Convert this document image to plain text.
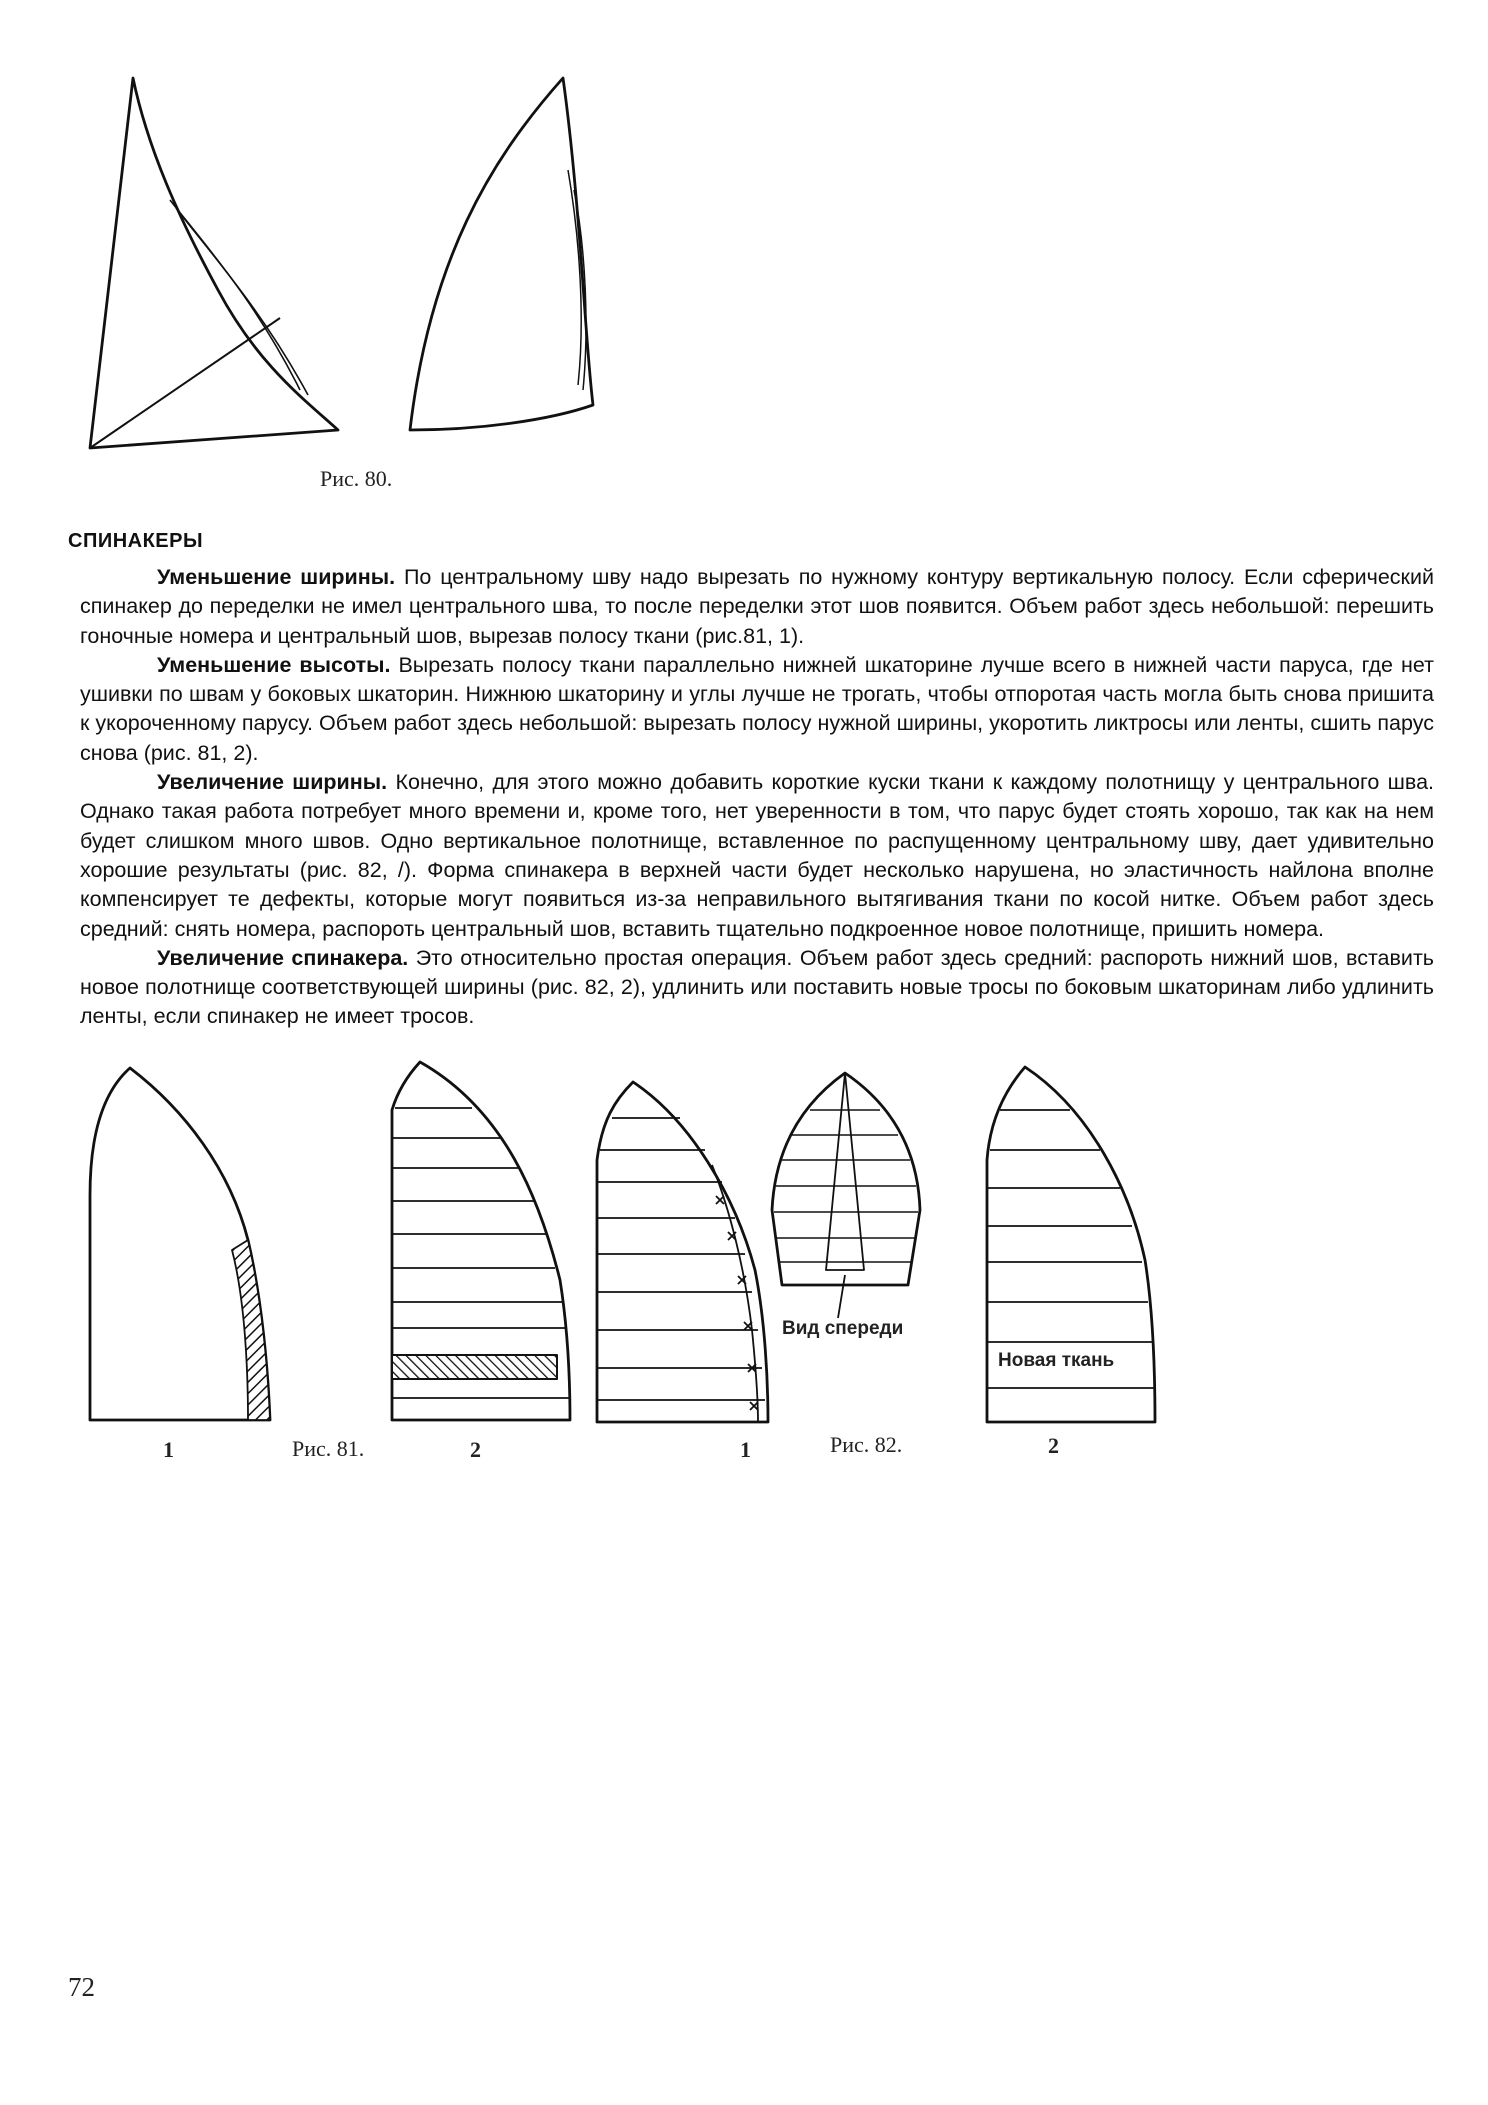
Рис. 80.
СПИНАКЕРЫ

Уменьшение ширины. По центральному шву надо вырезать по нужному контуру вертикальную полосу. Если сферический спинакер до переделки не имел центрального шва, то после переделки этот шов появится. Объем работ здесь небольшой: перешить гоночные номера и центральный шов, вырезав полосу ткани (рис.81, 1).

Уменьшение высоты. Вырезать полосу ткани параллельно нижней шкаторине лучше всего в нижней части паруса, где нет ушивки по швам у боковых шкаторин. Нижнюю шкаторину и углы лучше не трогать, чтобы отпоротая часть могла быть снова пришита к укороченному парусу. Объем работ здесь небольшой: вырезать полосу нужной ширины, укоротить ликтросы или ленты, сшить парус снова (рис. 81, 2).

Увеличение ширины. Конечно, для этого можно добавить короткие куски ткани к каждому полотнищу у центрального шва. Однако такая работа потребует много времени и, кроме того, нет уверенности в том, что парус будет стоять хорошо, так как на нем будет слишком много швов. Одно вертикальное полотнище, вставленное по распущенному центральному шву, дает удивительно хорошие результаты (рис. 82, /). Форма спинакера в верхней части будет несколько нарушена, но эластичность найлона вполне компенсирует те дефекты, которые могут появиться из-за неправильного вытягивания ткани по косой нитке. Объем работ здесь средний: снять номера, распороть центральный шов, вставить тщательно подкроенное новое полотнище, пришить номера.

Увеличение спинакера. Это относительно простая операция. Объем работ здесь средний: распороть нижний шов, вставить новое полотнище соответствующей ширины (рис. 82, 2), удлинить или поставить новые тросы по боковым шкаторинам либо удлинить ленты, если спинакер не имеет тросов.

Вид спереди
Новая ткань
1	Рис. 81.	2	1	Рис. 82.	2
72
